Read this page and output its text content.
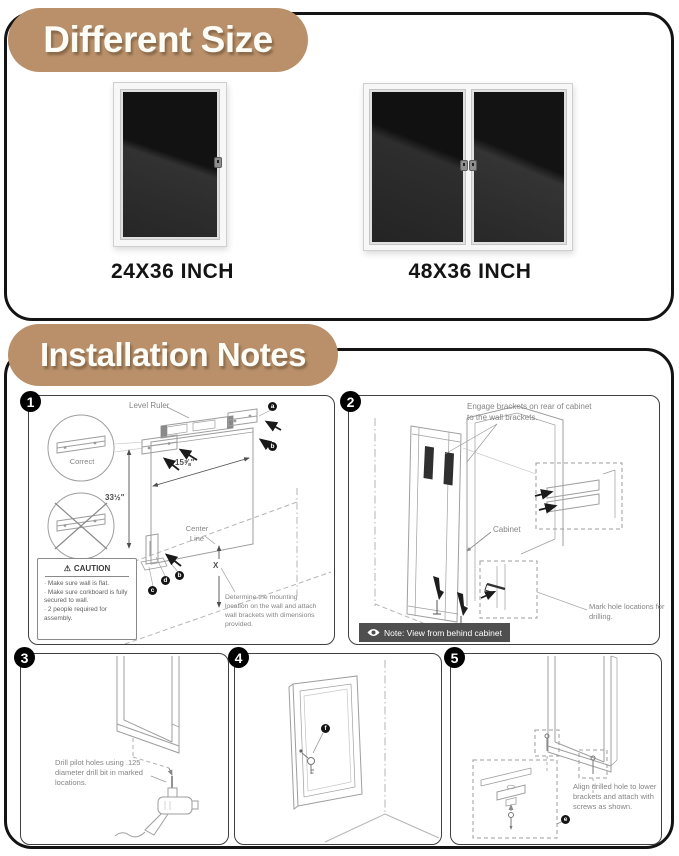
Different Size
24X36 INCH	48X36 INCH
Installation Notes
1	Level Ruler
Correct	15⅝"
33½"
Center Line
X
a
b
c
d
b
⚠ CAUTION
· Make sure wall is flat.
· Make sure corkboard is fully secured to wall.
· 2 people required for assembly.
Determine the mounting location on the wall and attach wall brackets with dimensions provided.
2	Engage brackets on rear of cabinet to the wall brackets.
Cabinet
Mark hole locations for drilling.
Note: View from behind cabinet
3
Drill pilot holes using .125 diameter drill bit in marked locations.
4
f
5
e
Align drilled hole to lower brackets and attach with screws as shown.
